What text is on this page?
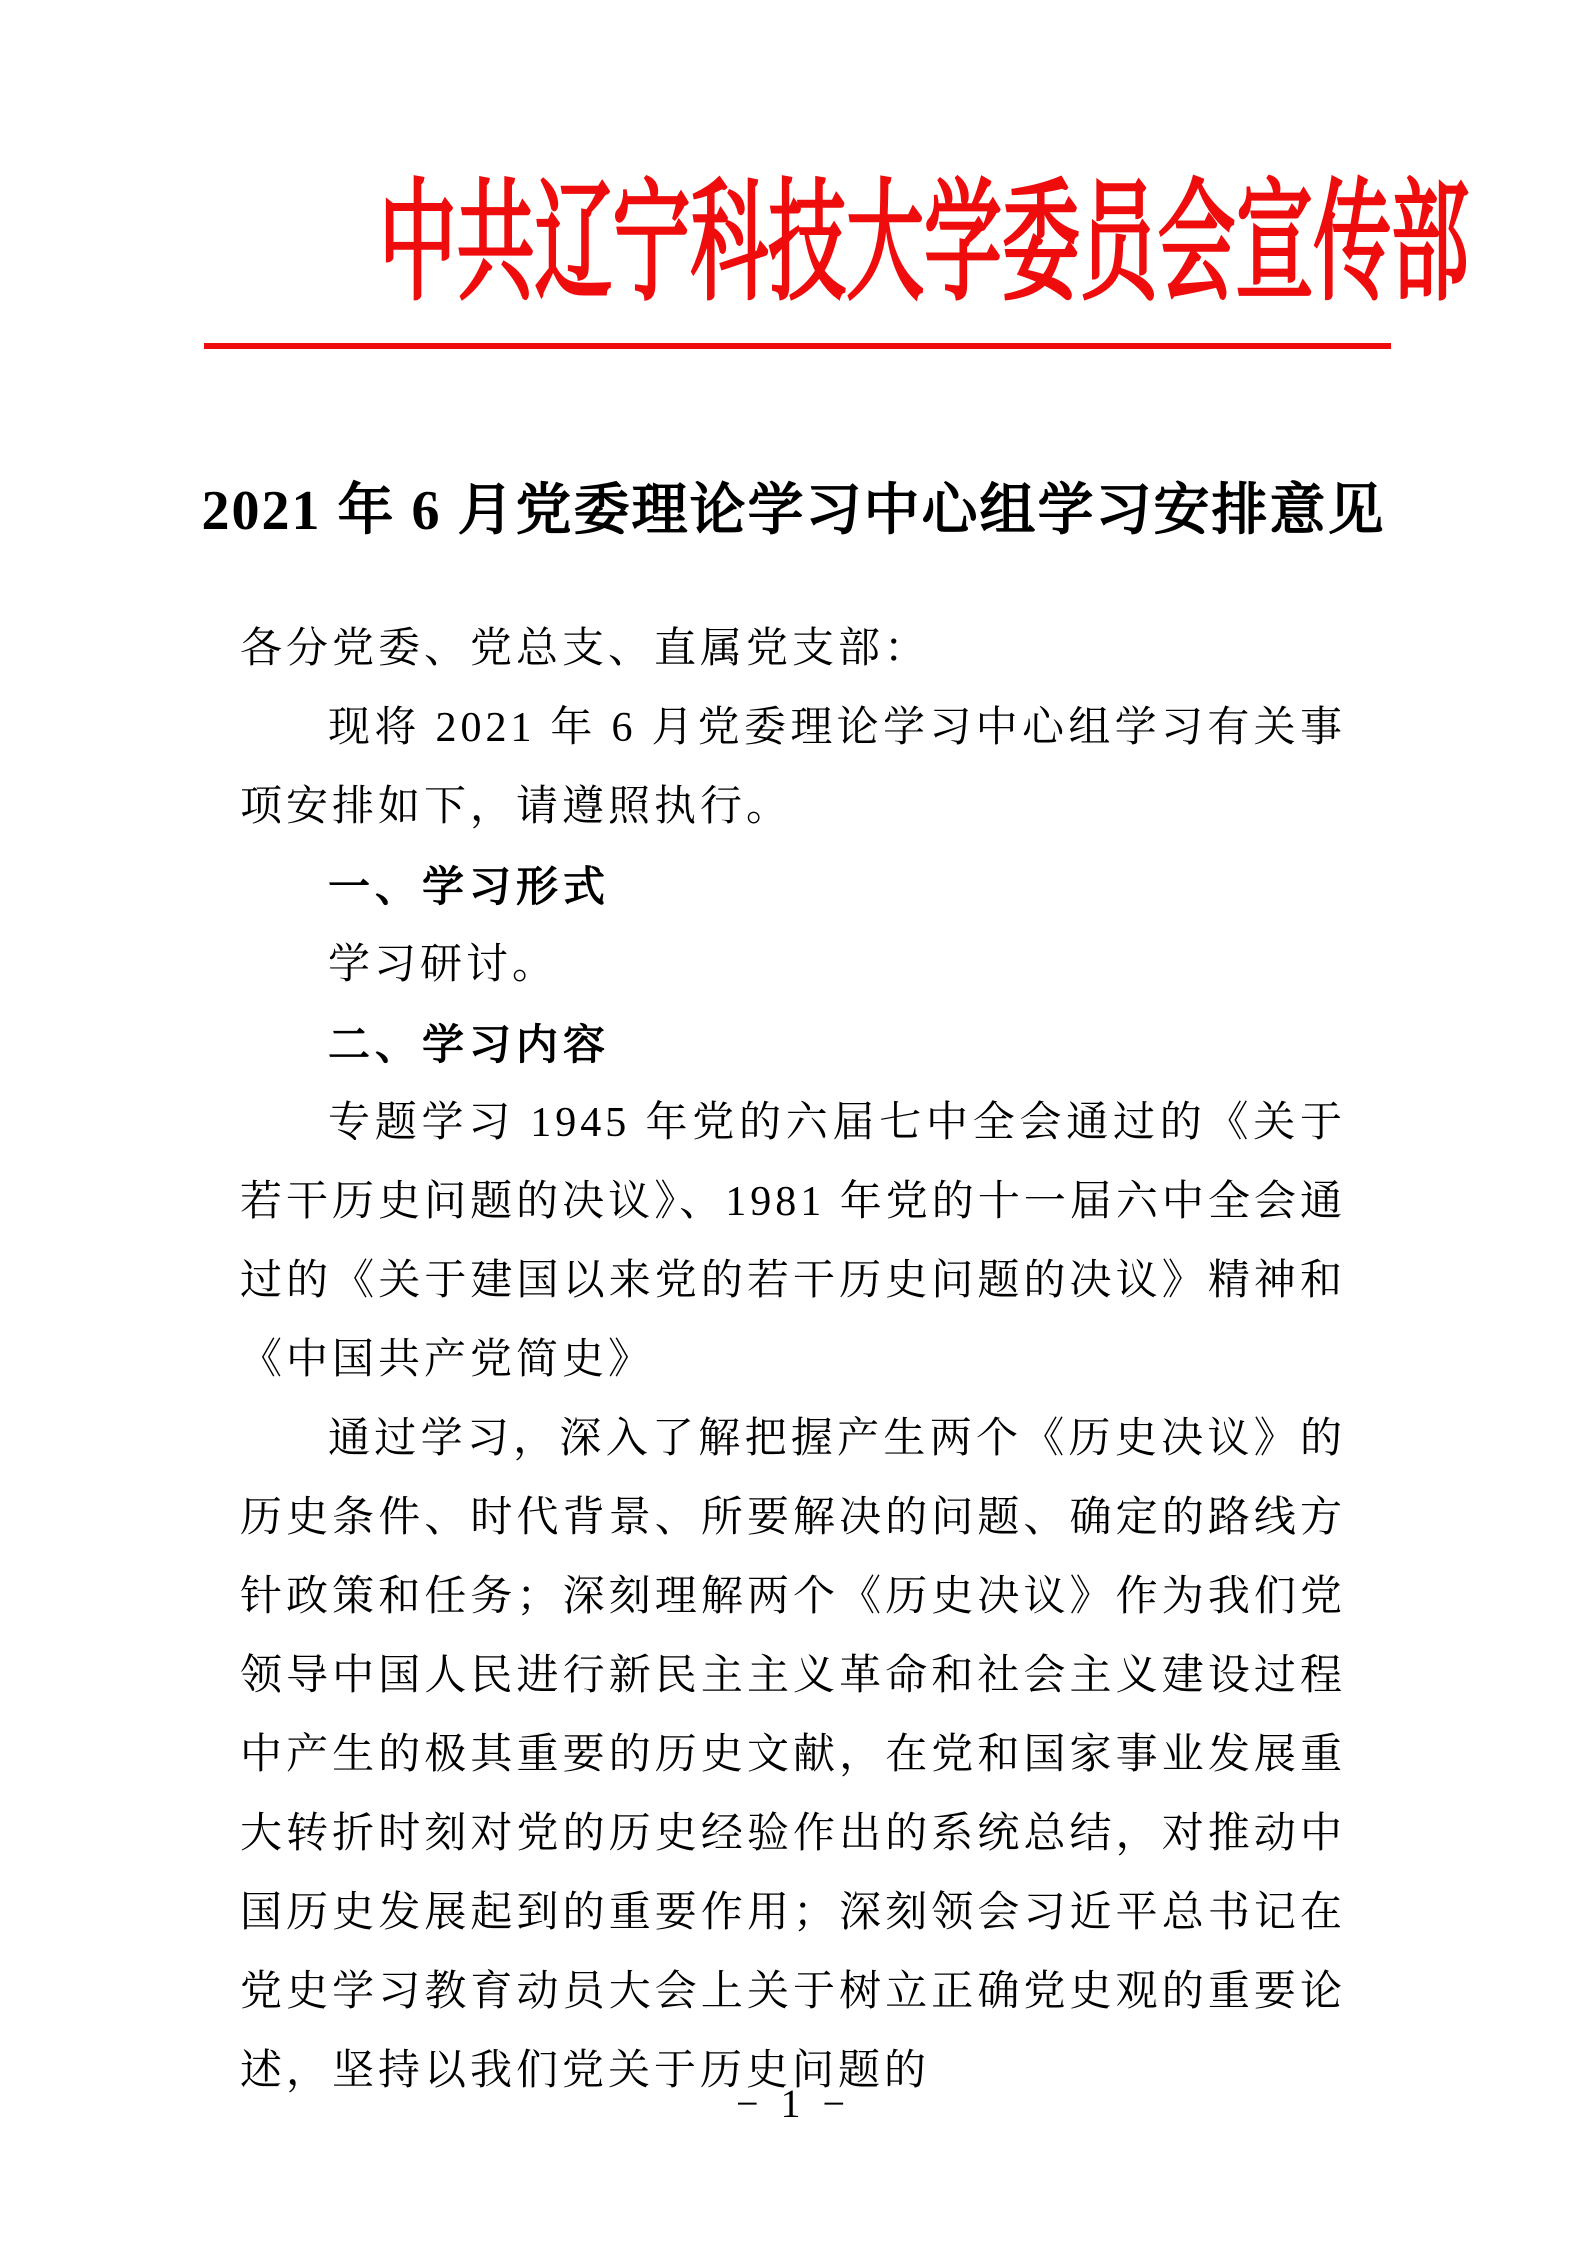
中共辽宁科技大学委员会宣传部
2021 年 6 月党委理论学习中心组学习安排意见

各分党委、党总支、直属党支部：

现将 2021 年 6 月党委理论学习中心组学习有关事项安排如下，请遵照执行。

一、学习形式

学习研讨。

二、学习内容

专题学习 1945 年党的六届七中全会通过的《关于若干历史问题的决议》、1981 年党的十一届六中全会通过的《关于建国以来党的若干历史问题的决议》精神和《中国共产党简史》

通过学习，深入了解把握产生两个《历史决议》的历史条件、时代背景、所要解决的问题、确定的路线方针政策和任务；深刻理解两个《历史决议》作为我们党领导中国人民进行新民主主义革命和社会主义建设过程中产生的极其重要的历史文献，在党和国家事业发展重大转折时刻对党的历史经验作出的系统总结，对推动中国历史发展起到的重要作用；深刻领会习近平总书记在党史学习教育动员大会上关于树立正确党史观的重要论述，坚持以我们党关于历史问题的

− 1 −
